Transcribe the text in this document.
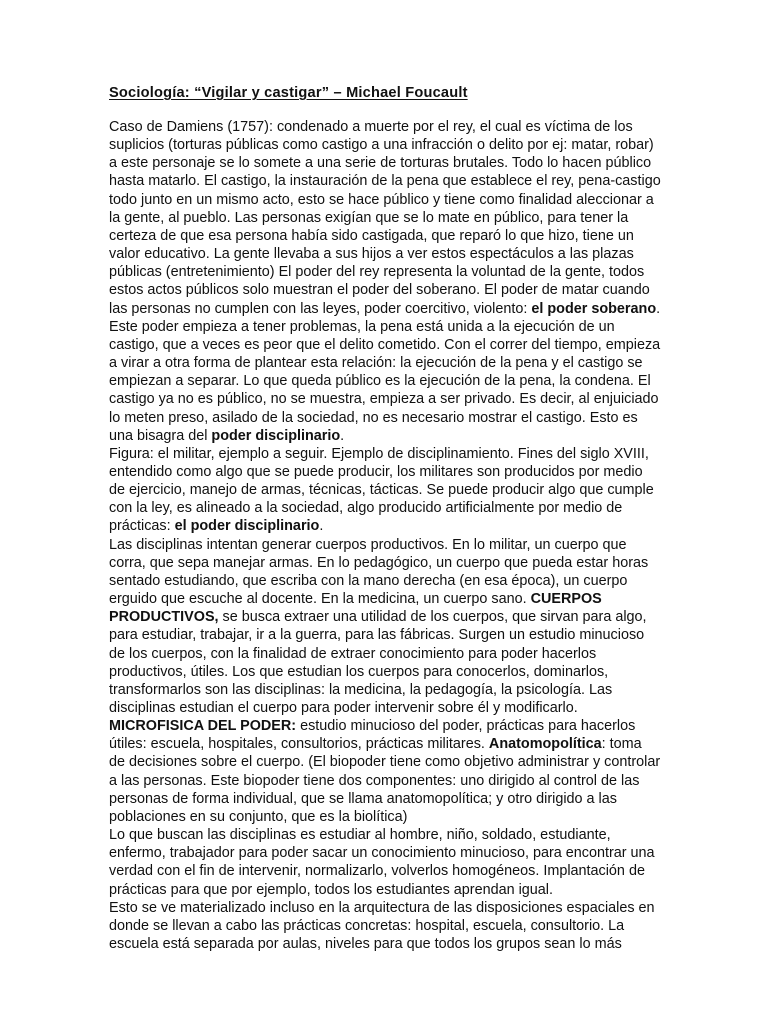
Sociología: “Vigilar y castigar” – Michael Foucault

Caso de Damiens (1757): condenado a muerte por el rey, el cual es víctima de los suplicios (torturas públicas como castigo a una infracción o delito por ej: matar, robar) a este personaje se lo somete a una serie de torturas brutales. Todo lo hacen público hasta matarlo. El castigo, la instauración de la pena que establece el rey, pena-castigo todo junto en un mismo acto, esto se hace público y tiene como finalidad aleccionar a la gente, al pueblo. Las personas exigían que se lo mate en público, para tener la certeza de que esa persona había sido castigada, que reparó lo que hizo, tiene un valor educativo. La gente llevaba a sus hijos a ver estos espectáculos a las plazas públicas (entretenimiento) El poder del rey representa la voluntad de la gente, todos estos actos públicos solo muestran el poder del soberano. El poder de matar cuando las personas no cumplen con las leyes, poder coercitivo, violento: el poder soberano. Este poder empieza a tener problemas, la pena está unida a la ejecución de un castigo, que a veces es peor que el delito cometido. Con el correr del tiempo, empieza a virar a otra forma de plantear esta relación: la ejecución de la pena y el castigo se empiezan a separar. Lo que queda público es la ejecución de la pena, la condena. El castigo ya no es público, no se muestra, empieza a ser privado. Es decir, al enjuiciado lo meten preso, asilado de la sociedad, no es necesario mostrar el castigo. Esto es una bisagra del poder disciplinario.

Figura: el militar, ejemplo a seguir. Ejemplo de disciplinamiento. Fines del siglo XVIII, entendido como algo que se puede producir, los militares son producidos por medio de ejercicio, manejo de armas, técnicas, tácticas. Se puede producir algo que cumple con la ley, es alineado a la sociedad, algo producido artificialmente por medio de prácticas: el poder disciplinario.

Las disciplinas intentan generar cuerpos productivos. En lo militar, un cuerpo que corra, que sepa manejar armas. En lo pedagógico, un cuerpo que pueda estar horas sentado estudiando, que escriba con la mano derecha (en esa época), un cuerpo erguido que escuche al docente. En la medicina, un cuerpo sano. CUERPOS PRODUCTIVOS, se busca extraer una utilidad de los cuerpos, que sirvan para algo, para estudiar, trabajar, ir a la guerra, para las fábricas. Surgen un estudio minucioso de los cuerpos, con la finalidad de extraer conocimiento para poder hacerlos productivos, útiles. Los que estudian los cuerpos para conocerlos, dominarlos, transformarlos son las disciplinas: la medicina, la pedagogía, la psicología. Las disciplinas estudian el cuerpo para poder intervenir sobre él y modificarlo.

MICROFISICA DEL PODER: estudio minucioso del poder, prácticas para hacerlos útiles: escuela, hospitales, consultorios, prácticas militares. Anatomopolítica: toma de decisiones sobre el cuerpo. (El biopoder tiene como objetivo administrar y controlar a las personas. Este biopoder tiene dos componentes: uno dirigido al control de las personas de forma individual, que se llama anatomopolítica; y otro dirigido a las poblaciones en su conjunto, que es la biolítica)

Lo que buscan las disciplinas es estudiar al hombre, niño, soldado, estudiante, enfermo, trabajador para poder sacar un conocimiento minucioso, para encontrar una verdad con el fin de intervenir, normalizarlo, volverlos homogéneos. Implantación de prácticas para que por ejemplo, todos los estudiantes aprendan igual.

Esto se ve materializado incluso en la arquitectura de las disposiciones espaciales en donde se llevan a cabo las prácticas concretas: hospital, escuela, consultorio. La escuela está separada por aulas, niveles para que todos los grupos sean lo más
